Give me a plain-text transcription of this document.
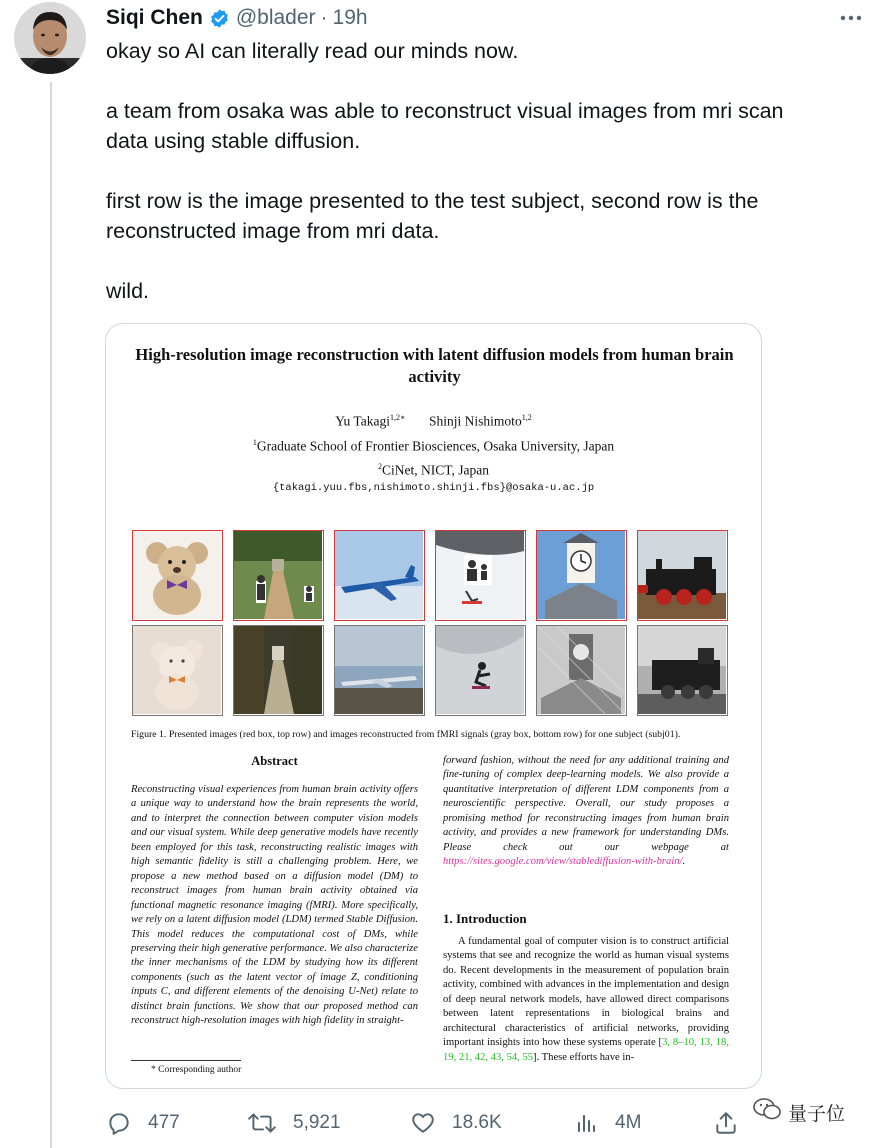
Siqi Chen @blader · 19h

okay so AI can literally read our minds now.

a team from osaka was able to reconstruct visual images from mri scan
data using stable diffusion.

first row is the image presented to the test subject, second row is the
reconstructed image from mri data.

wild.

High-resolution image reconstruction with latent diffusion models from human brain activity
Yu Takagi$^{1,2∗}$ Shinji Nishimoto$^{1,2}$
$^1$Graduate School of Frontier Biosciences, Osaka University, Japan
$^2$CiNet, NICT, Japan
{takagi.yuu.fbs,nishimoto.shinji.fbs}@osaka-u.ac.jp
Figure 1. Presented images (red box, top row) and images reconstructed from fMRI signals (gray box, bottom row) for one subject (subj01).
Abstract
Reconstructing visual experiences from human brain activity offers a unique way to understand how the brain represents the world, and to interpret the connection between computer vision models and our visual system. While deep generative models have recently been employed for this task, reconstructing realistic images with high semantic fidelity is still a challenging problem. Here, we propose a new method based on a diffusion model (DM) to reconstruct images from human brain activity obtained via functional magnetic resonance imaging (fMRI). More specifically, we rely on a latent diffusion model (LDM) termed Stable Diffusion. This model reduces the computational cost of DMs, while preserving their high generative performance. We also characterize the inner mechanisms of the LDM by studying how its different components (such as the latent vector of image Z, conditioning inputs C, and different elements of the denoising U-Net) relate to distinct brain functions. We show that our proposed method can reconstruct high-resolution images with high fidelity in straight-
forward fashion, without the need for any additional training and fine-tuning of complex deep-learning models. We also provide a quantitative interpretation of different LDM components from a neuroscientific perspective. Overall, our study proposes a promising method for reconstructing images from human brain activity, and provides a new framework for understanding DMs. Please check out our webpage at https://sites.google.com/view/stablediffusion-with-brain/.
1. Introduction

A fundamental goal of computer vision is to construct artificial systems that see and recognize the world as human visual systems do. Recent developments in the measurement of population brain activity, combined with advances in the implementation and design of deep neural network models, have allowed direct comparisons between latent representations in biological brains and architectural characteristics of artificial networks, providing important insights into how these systems operate [3, 8–10, 13, 18, 19, 21, 42, 43, 54, 55]. These efforts have in-

* Corresponding author
477	5,921	18.6K	4M	量子位
